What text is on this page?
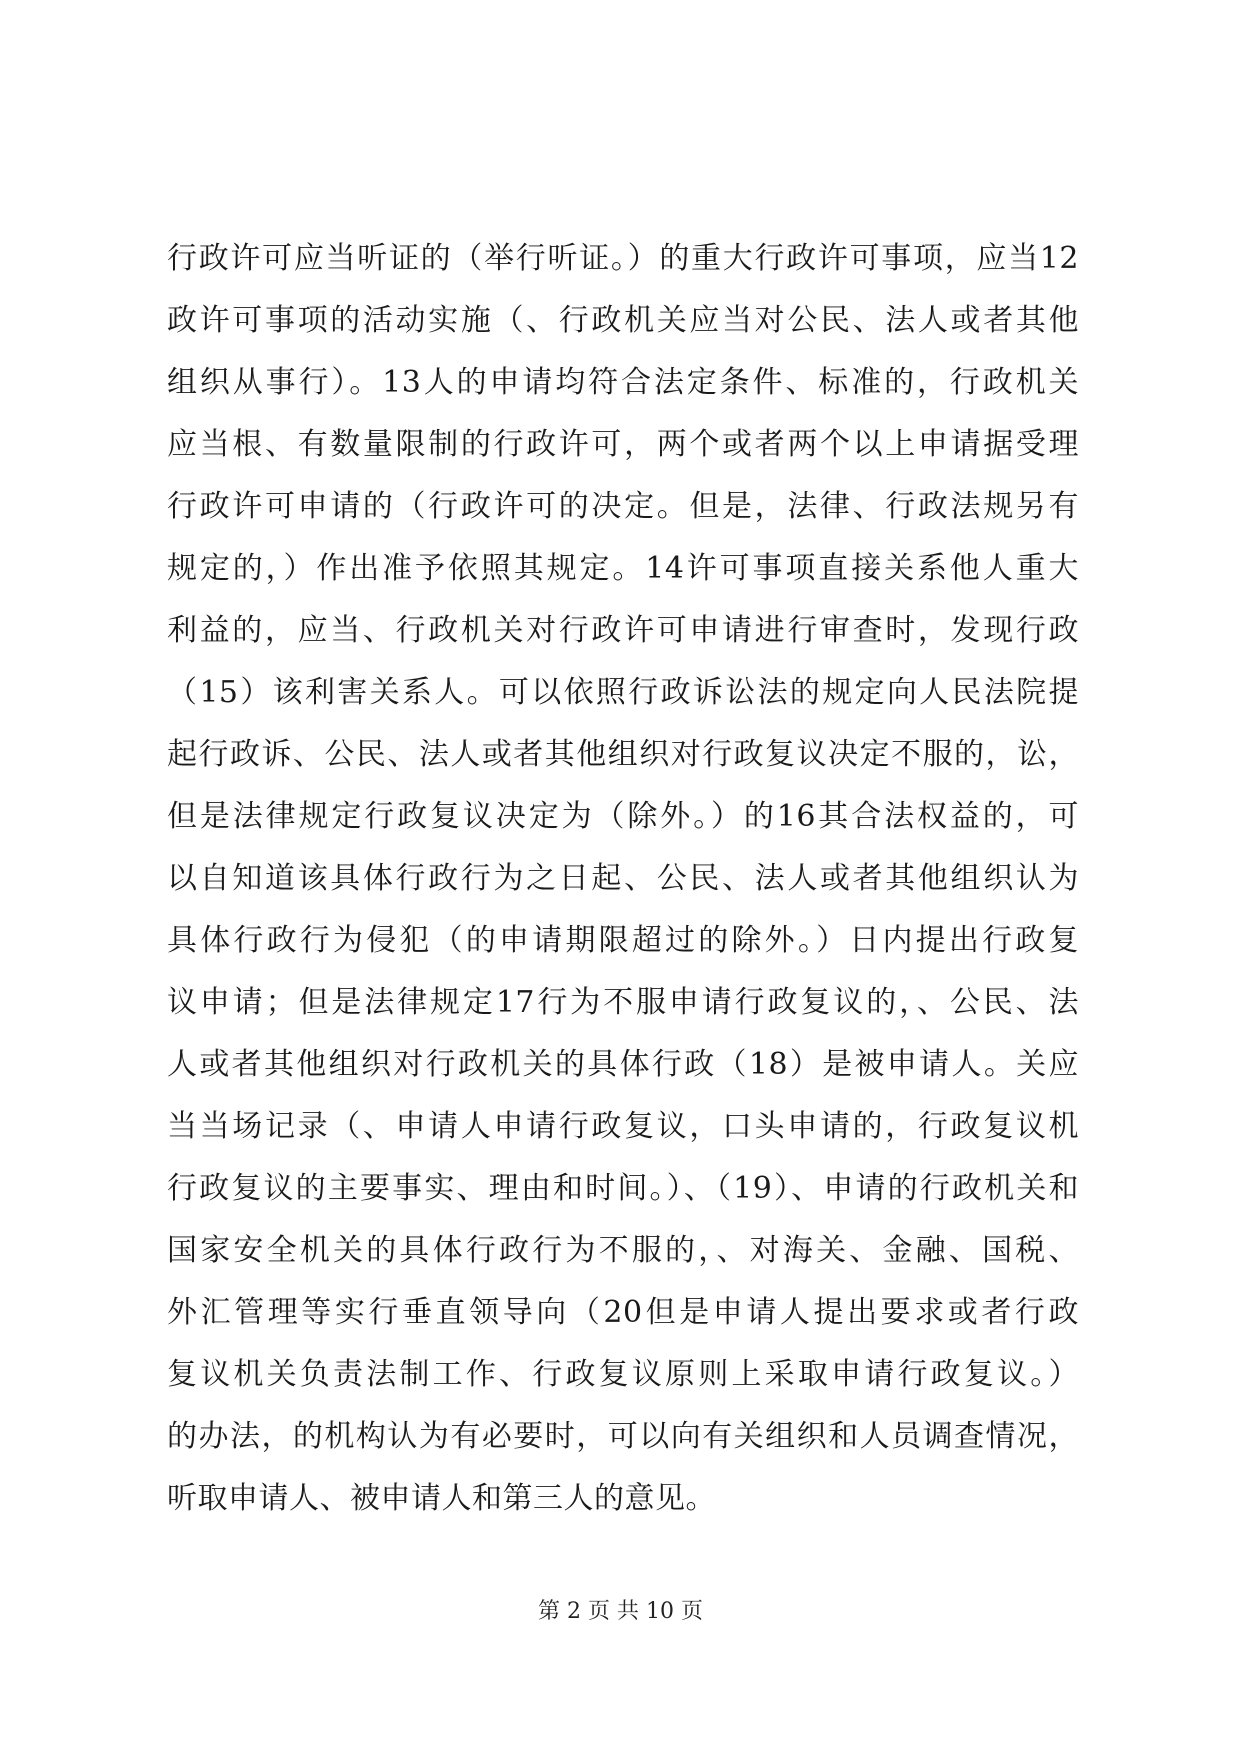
行政许可应当听证的（举行听证。）的重大行政许可事项，应当12
政许可事项的活动实施（、行政机关应当对公民、法人或者其他
组织从事行）。13人的申请均符合法定条件、标准的，行政机关
应当根、有数量限制的行政许可，两个或者两个以上申请据受理
行政许可申请的（行政许可的决定。但是，法律、行政法规另有
规定的，）作出准予依照其规定。14许可事项直接关系他人重大
利益的，应当、行政机关对行政许可申请进行审查时，发现行政
（15）该利害关系人。可以依照行政诉讼法的规定向人民法院提
起行政诉、公民、法人或者其他组织对行政复议决定不服的，讼，
但是法律规定行政复议决定为（除外。）的16其合法权益的，可
以自知道该具体行政行为之日起、公民、法人或者其他组织认为
具体行政行为侵犯（的申请期限超过的除外。）日内提出行政复
议申请；但是法律规定17行为不服申请行政复议的，、公民、法
人或者其他组织对行政机关的具体行政（18）是被申请人。关应
当当场记录（、申请人申请行政复议，口头申请的，行政复议机
行政复议的主要事实、理由和时间。）、（19）、申请的行政机关和
国家安全机关的具体行政行为不服的，、对海关、金融、国税、
外汇管理等实行垂直领导向（20但是申请人提出要求或者行政
复议机关负责法制工作、行政复议原则上采取申请行政复议。）
的办法，的机构认为有必要时，可以向有关组织和人员调查情况，
听取申请人、被申请人和第三人的意见。
第 2 页 共 10 页
